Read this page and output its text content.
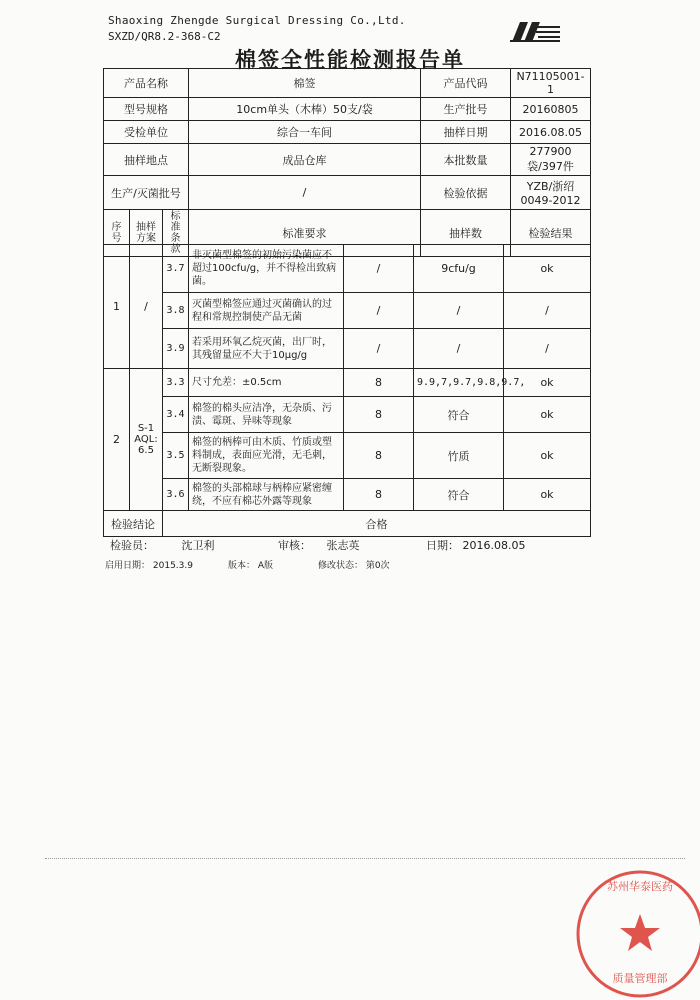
Shaoxing Zhengde Surgical Dressing Co.,Ltd.
SXZD/QR8.2-368-C2
棉签全性能检测报告单
产品名称			棉签	产品代码	N71105001-1
型号规格			10cm单头（木棒）50支/袋	生产批号	20160805
受检单位			综合一车间	抽样日期	2016.08.05
抽样地点			成品仓库	本批数量	277900袋/397件
生产/灭菌批号			/	检验依据	YZB/浙绍0049-2012
序号	抽样方案	标准条款	标准要求	抽样数	检验结果
1	/	3.7	非灭菌型棉签的初始污染菌应不超过100cfu/g，并不得检出致病菌。	/	9cfu/g	ok
		3.8	灭菌型棉签应通过灭菌确认的过程和常规控制使产品无菌	/	/	/
		3.9	若采用环氧乙烷灭菌，出厂时，其残留量应不大于10μg/g	/	/	/
2	S-1 AQL: 6.5	3.3	尺寸允差：±0.5cm	8	9.9,7,9.7,9.8,9.7,	ok
		3.4	棉签的棉头应洁净，无杂质、污渍、霉斑、异味等现象	8	符合	ok
		3.5	棉签的柄棒可由木质、竹质或塑料制成，表面应光滑，无毛刺，无断裂现象。	8	竹质	ok
		3.6	棉签的头部棉球与柄棒应紧密缠绕，不应有棉芯外露等现象	8	符合	ok
检验结论		合格				
检验员：	沈卫利	审核： 张志英	日期： 2016.08.05
启用日期： 2015.3.9	版本： A版	修改状态： 第0次
苏州华泰医药
质量管理部
